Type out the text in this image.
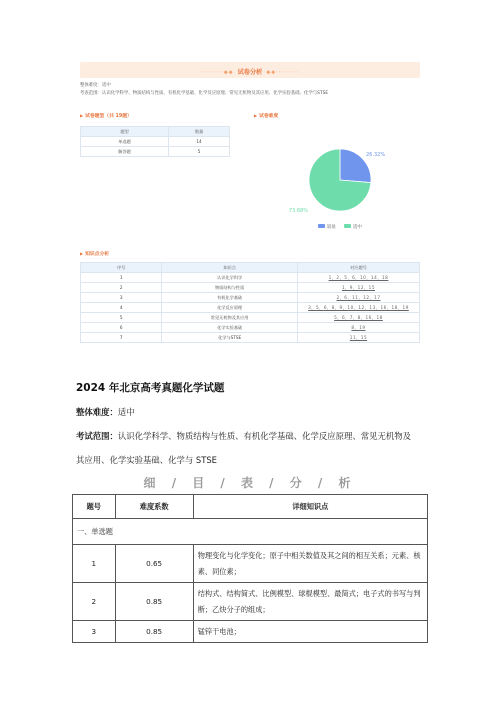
·········◆◆ 试卷分析 ◆◆·········
整体难度：适中
考查范围：认识化学科学、物质结构与性质、有机化学基础、化学反应原理、常见无机物及其应用、化学实验基础、化学与STSE
▶ 试卷题型（共 19题）
题型	数量
单选题	14
解答题	5
▶ 试卷难度
26.32%
73.68%
较易	适中
▶ 知识点分析
序号	知识点	对应题号
1	认识化学科学	1，2，5，6，10，14，18
2	物质结构与性质	1，9，12，15
3	有机化学基础	2，6，11，12，17
4	化学反应原理	3，5，6，8，9，10，12，13，16，18，19
5	常见无机物及其应用	5，6，7，8，16，18
6	化学实验基础	8，19
7	化学与STSE	11，15
2024 年北京高考真题化学试题
整体难度：适中
考试范围：认识化学科学、物质结构与性质、有机化学基础、化学反应原理、常见无机物及
其应用、化学实验基础、化学与 STSE
细 / 目 / 表 / 分 / 析
题号	难度系数	详细知识点
一、单选题		
1	0.65	物理变化与化学变化；原子中相关数值及其之间的相互关系；元素、核素、同位素；
2	0.85	结构式、结构简式、比例模型、球棍模型、最简式；电子式的书写与判断；乙炔分子的组成；
3	0.85	锰锌干电池；
